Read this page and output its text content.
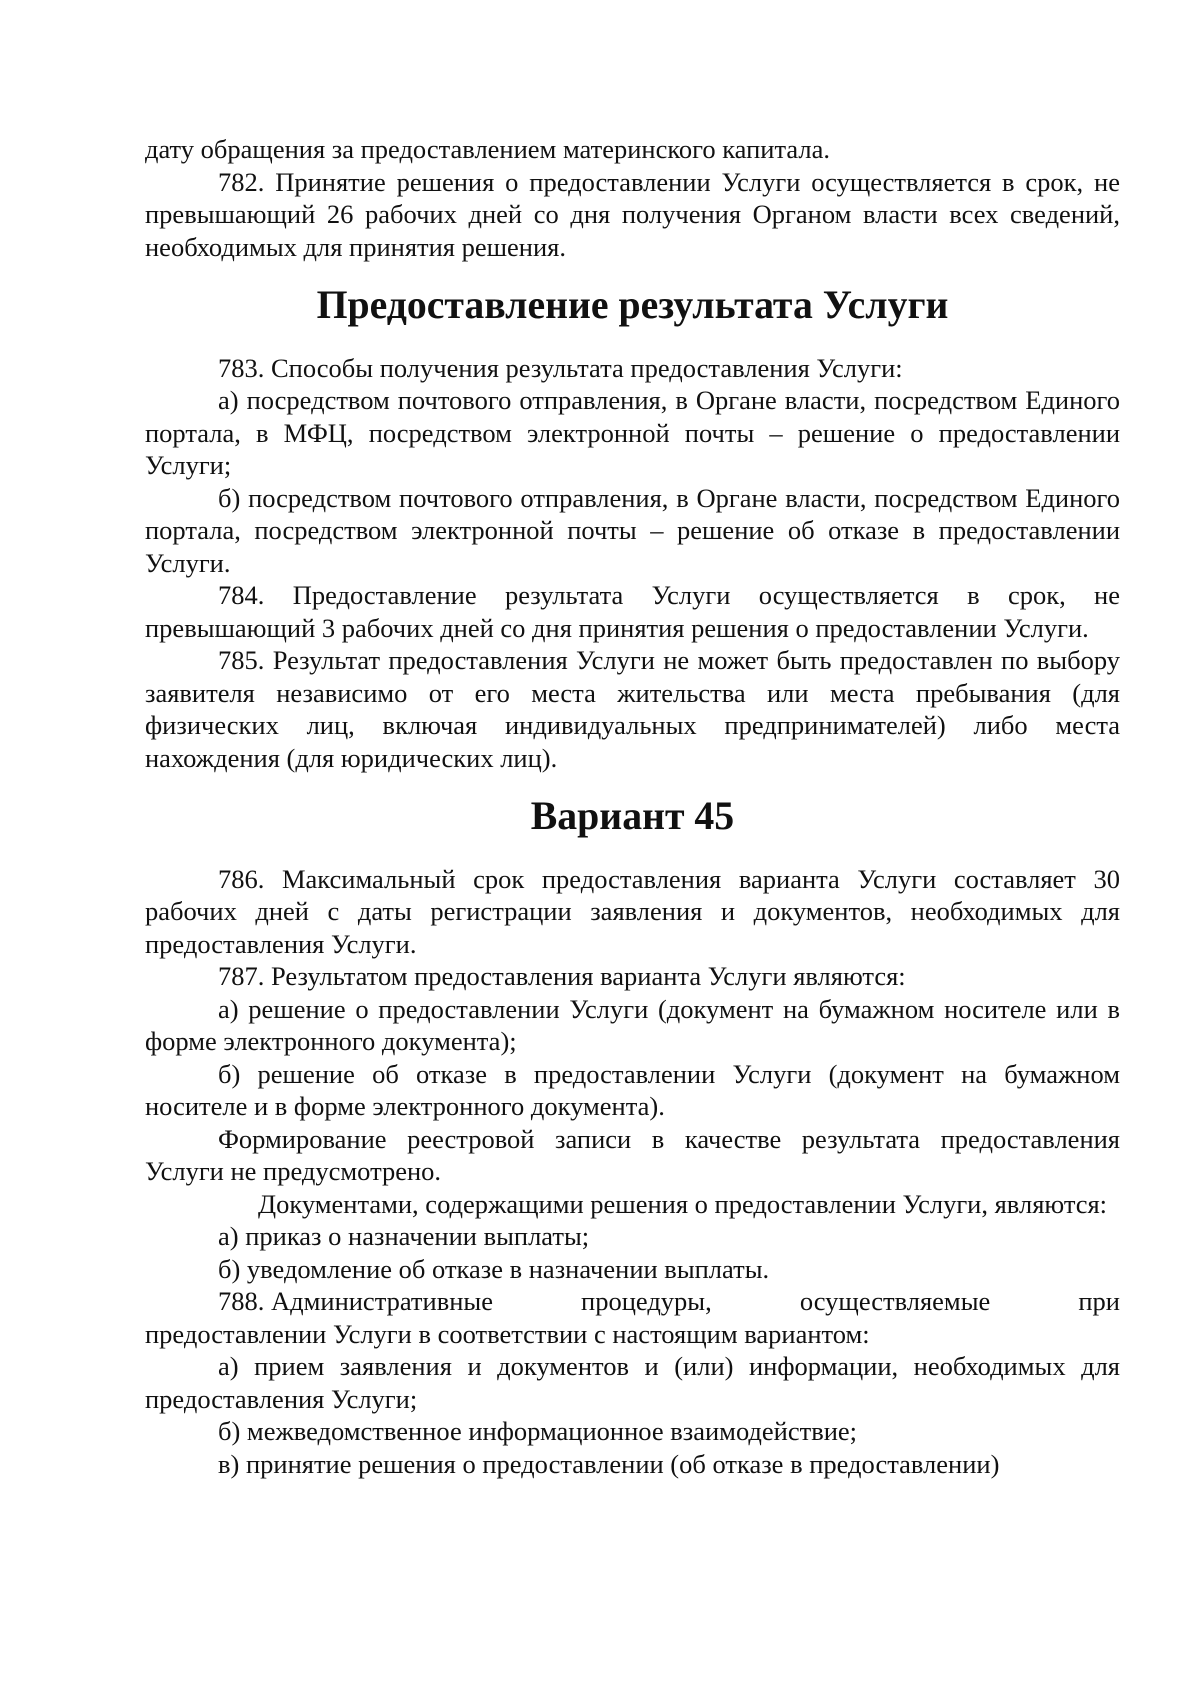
дату обращения за предоставлением материнского капитала.

782. Принятие решения о предоставлении Услуги осуществляется в срок, не превышающий 26 рабочих дней со дня получения Органом власти всех сведений, необходимых для принятия решения.

Предоставление результата Услуги

783. Способы получения результата предоставления Услуги:

а) посредством почтового отправления, в Органе власти, посредством Единого портала, в МФЦ, посредством электронной почты – решение о предоставлении Услуги;

б) посредством почтового отправления, в Органе власти, посредством Единого портала, посредством электронной почты – решение об отказе в предоставлении Услуги.

784. Предоставление результата Услуги осуществляется в срок, не превышающий 3 рабочих дней со дня принятия решения о предоставлении Услуги.

785. Результат предоставления Услуги не может быть предоставлен по выбору заявителя независимо от его места жительства или места пребывания (для физических лиц, включая индивидуальных предпринимателей) либо места нахождения (для юридических лиц).

Вариант 45

786. Максимальный срок предоставления варианта Услуги составляет 30 рабочих дней с даты регистрации заявления и документов, необходимых для предоставления Услуги.

787. Результатом предоставления варианта Услуги являются:

а) решение о предоставлении Услуги (документ на бумажном носителе или в форме электронного документа);

б) решение об отказе в предоставлении Услуги (документ на бумажном носителе и в форме электронного документа).

Формирование реестровой записи в качестве результата предоставления Услуги не предусмотрено.

Документами, содержащими решения о предоставлении Услуги, являются:

а) приказ о назначении выплаты;

б) уведомление об отказе в назначении выплаты.

788. Административные	процедуры,	осуществляемые	при

предоставлении Услуги в соответствии с настоящим вариантом:

а) прием заявления и документов и (или) информации, необходимых для предоставления Услуги;

б) межведомственное информационное взаимодействие;

в) принятие решения о предоставлении (об отказе в предоставлении)
